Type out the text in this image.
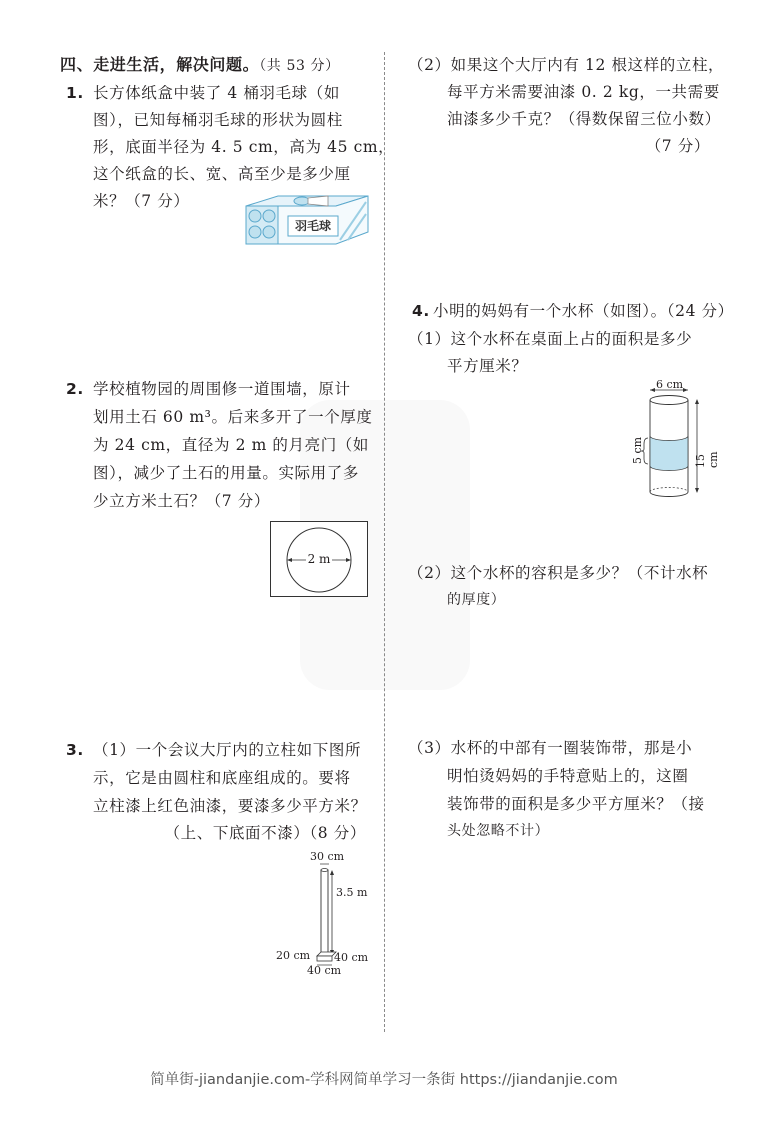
四、走进生活，解决问题。（共 53 分）
1. 长方体纸盒中装了 4 桶羽毛球（如
图），已知每桶羽毛球的形状为圆柱
形，底面半径为 4. 5 cm，高为 45 cm，
这个纸盒的长、宽、高至少是多少厘
米？（7 分）
羽毛球
2. 学校植物园的周围修一道围墙，原计
划用土石 60 m³。后来多开了一个厚度
为 24 cm，直径为 2 m 的月亮门（如
图），减少了土石的用量。实际用了多
少立方米土石？（7 分）
2 m
3. （1）一个会议大厅内的立柱如下图所
示，它是由圆柱和底座组成的。要将
立柱漆上红色油漆，要漆多少平方米？
（上、下底面不漆）（8 分）
30 cm
3.5 m
20 cm 40 cm
40 cm
（2）如果这个大厅内有 12 根这样的立柱，
每平方米需要油漆 0. 2 kg，一共需要
油漆多少千克？（得数保留三位小数）
（7 分）
4. 小明的妈妈有一个水杯（如图）。（24 分）
（1）这个水杯在桌面上占的面积是多少
平方厘米？
6 cm
5 cm	15 cm
（2）这个水杯的容积是多少？（不计水杯
的厚度）
（3）水杯的中部有一圈装饰带，那是小
明怕烫妈妈的手特意贴上的，这圈
装饰带的面积是多少平方厘米？（接
头处忽略不计）
简单街-jiandanjie.com-学科网简单学习一条街 https://jiandanjie.com
